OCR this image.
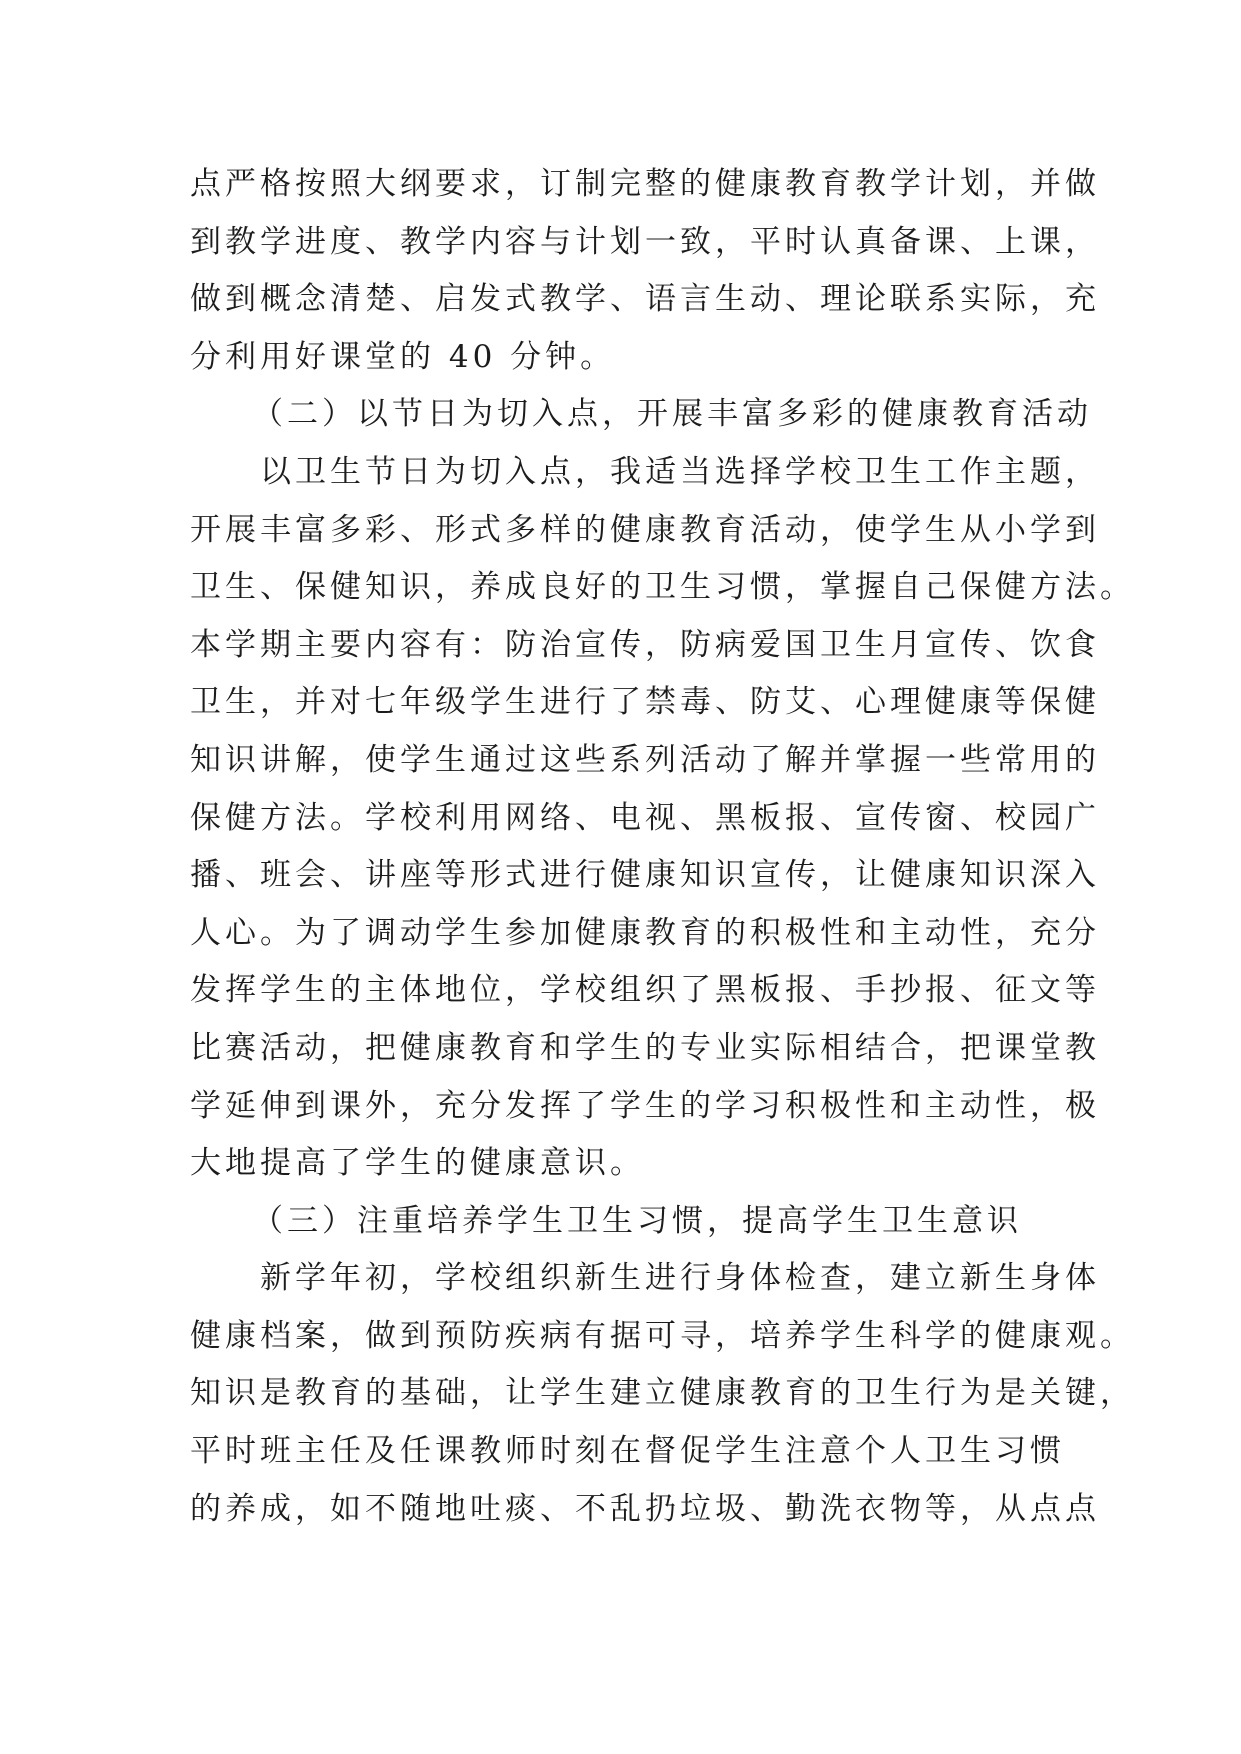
点严格按照大纲要求，订制完整的健康教育教学计划，并做
到教学进度、教学内容与计划一致，平时认真备课、上课，
做到概念清楚、启发式教学、语言生动、理论联系实际，充
分利用好课堂的 40 分钟。
（二）以节日为切入点，开展丰富多彩的健康教育活动
以卫生节日为切入点，我适当选择学校卫生工作主题，
开展丰富多彩、形式多样的健康教育活动，使学生从小学到
卫生、保健知识，养成良好的卫生习惯，掌握自己保健方法。
本学期主要内容有：防治宣传，防病爱国卫生月宣传、饮食
卫生，并对七年级学生进行了禁毒、防艾、心理健康等保健
知识讲解，使学生通过这些系列活动了解并掌握一些常用的
保健方法。学校利用网络、电视、黑板报、宣传窗、校园广
播、班会、讲座等形式进行健康知识宣传，让健康知识深入
人心。为了调动学生参加健康教育的积极性和主动性，充分
发挥学生的主体地位，学校组织了黑板报、手抄报、征文等
比赛活动，把健康教育和学生的专业实际相结合，把课堂教
学延伸到课外，充分发挥了学生的学习积极性和主动性，极
大地提高了学生的健康意识。
（三）注重培养学生卫生习惯，提高学生卫生意识
新学年初，学校组织新生进行身体检查，建立新生身体
健康档案，做到预防疾病有据可寻，培养学生科学的健康观。
知识是教育的基础，让学生建立健康教育的卫生行为是关键，
平时班主任及任课教师时刻在督促学生注意个人卫生习惯
的养成，如不随地吐痰、不乱扔垃圾、勤洗衣物等，从点点
